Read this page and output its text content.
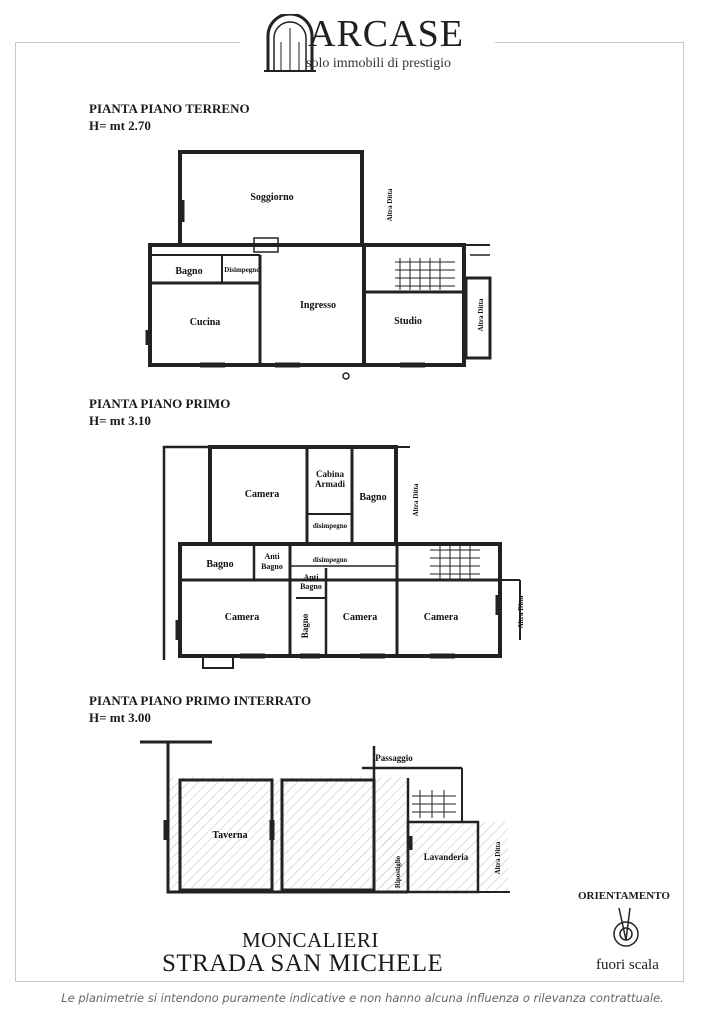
ARCASE
solo immobili di prestigio
PIANTA PIANO TERRENO
H= mt 2.70
PIANTA PIANO PRIMO
H= mt 3.10
PIANTA PIANO PRIMO INTERRATO
H= mt 3.00
Soggiorno
Bagno	Disimpegno
Cucina
Ingresso
Studio
Altra Ditta
Altra Ditta
Camera
Cabina
Armadi
Bagno
disimpegno
Altra Ditta
Bagno
Anti
Bagno
disimpegno
Anti
Bagno
Camera	Bagno	Camera	Camera	Altra Ditta
Passaggio
Taverna
Lavanderia
Ripostiglio	Altra Ditta
MONCALIERI
STRADA SAN MICHELE
ORIENTAMENTO
fuori scala
Le planimetrie si intendono puramente indicative e non hanno alcuna influenza o rilevanza contrattuale.
